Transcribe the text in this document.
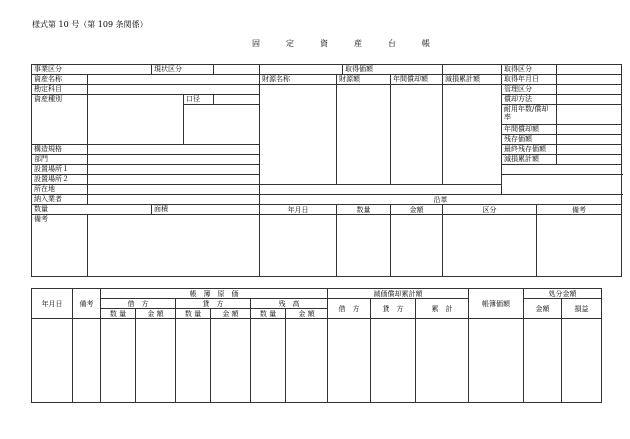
様式第 10 号（第 109 条関係）
固　定　資　産　台　帳
事業区分		現状区分					取得価額			取得区分		
資産名称					財源名称	財源額		年間償却額	減損累計額	取得年月日		
勘定科目										管理区分		
資産種別			口径							償却方法		
										耐用年数/償却率		
										年間償却額		
										残存価額		
構造規格										最終残存価額		
部門										減損累計額		
設置場所１												
設置場所２												
所在地												
納入業者					沿革							
数量		面積			年月日	数量		金額	区分		備考	
備考												
年月日	備考	帳　簿　原　価						減価償却累計額			帳簿価額	処分金額	
		借　方		貸　方		残　高		借　方	貸　方	累　計		金額	損益
		数 量	金 額	数 量	金 額	数 量	金 額						
